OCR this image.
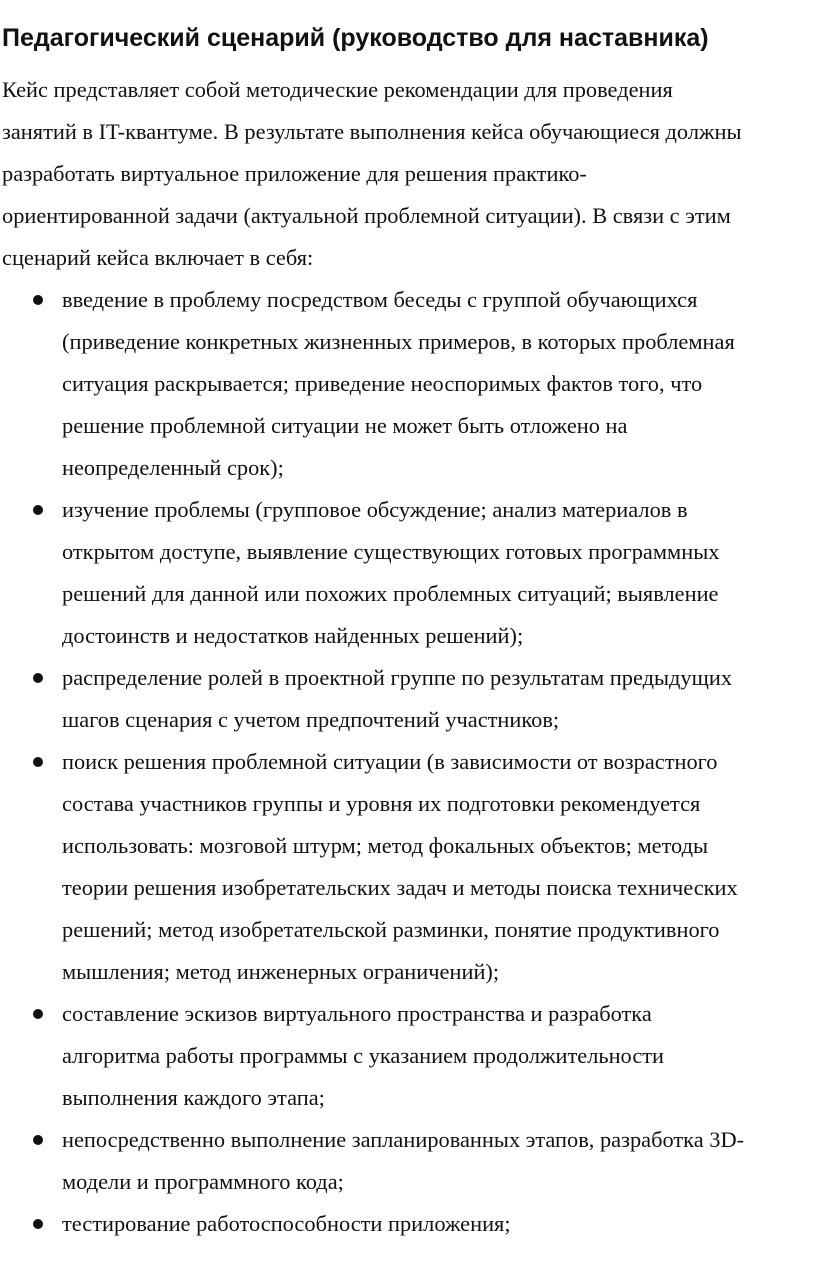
Педагогический сценарий (руководство для наставника)
Кейс представляет собой методические рекомендации для проведения
занятий в IT-квантуме. В результате выполнения кейса обучающиеся должны
разработать виртуальное приложение для решения практико-
ориентированной задачи (актуальной проблемной ситуации). В связи с этим
сценарий кейса включает в себя:
введение в проблему посредством беседы с группой обучающихся
(приведение конкретных жизненных примеров, в которых проблемная
ситуация раскрывается; приведение неоспоримых фактов того, что
решение проблемной ситуации не может быть отложено на
неопределенный срок);
изучение проблемы (групповое обсуждение; анализ материалов в
открытом доступе, выявление существующих готовых программных
решений для данной или похожих проблемных ситуаций; выявление
достоинств и недостатков найденных решений);
распределение ролей в проектной группе по результатам предыдущих
шагов сценария с учетом предпочтений участников;
поиск решения проблемной ситуации (в зависимости от возрастного
состава участников группы и уровня их подготовки рекомендуется
использовать: мозговой штурм; метод фокальных объектов; методы
теории решения изобретательских задач и методы поиска технических
решений; метод изобретательской разминки, понятие продуктивного
мышления; метод инженерных ограничений);
составление эскизов виртуального пространства и разработка
алгоритма работы программы с указанием продолжительности
выполнения каждого этапа;
непосредственно выполнение запланированных этапов, разработка 3D-
модели и программного кода;
тестирование работоспособности приложения;
